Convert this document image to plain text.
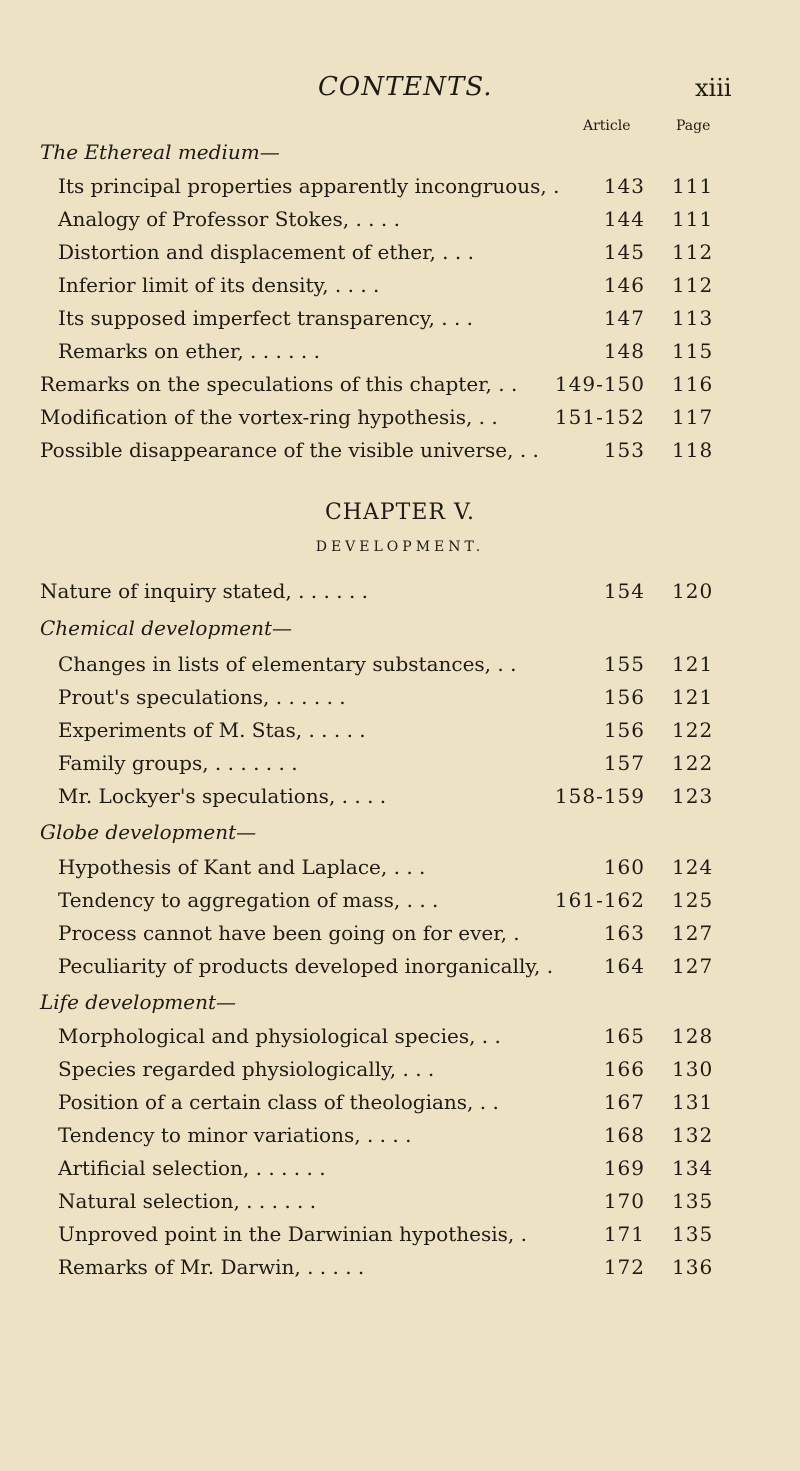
CONTENTS.	xiii
Article	Page
The Ethereal medium—
Its principal properties apparently incongruous, . 143 111
Analogy of Professor Stokes, . . . .	144 111
Distortion and displacement of ether, . . .	145 112
Inferior limit of its density, . . . .	146 112
Its supposed imperfect transparency, . . .	147 113
Remarks on ether, . . . . . .	148 115
Remarks on the speculations of this chapter, . . 149-150 116
Modification of the vortex-ring hypothesis, . .	151-152 117
Possible disappearance of the visible universe, . .	153 118
CHAPTER V.
DEVELOPMENT.
Nature of inquiry stated, . . . . . .	154 120
Chemical development—
Changes in lists of elementary substances, . .	155 121
Prout's speculations, . . . . . .	156 121
Experiments of M. Stas, . . . . .	156 122
Family groups, . . . . . . .	157 122
Mr. Lockyer's speculations, . . . .	158-159 123
Globe development—
Hypothesis of Kant and Laplace, . . .	160 124
Tendency to aggregation of mass, . . .	161-162 125
Process cannot have been going on for ever, .	163 127
Peculiarity of products developed inorganically, .	164 127
Life development—
Morphological and physiological species, . .	165 128
Species regarded physiologically, . . .	166 130
Position of a certain class of theologians, . .	167 131
Tendency to minor variations, . . . .	168 132
Artificial selection, . . . . . .	169 134
Natural selection, . . . . . .	170 135
Unproved point in the Darwinian hypothesis, .	171 135
Remarks of Mr. Darwin, . . . . .	172 136
